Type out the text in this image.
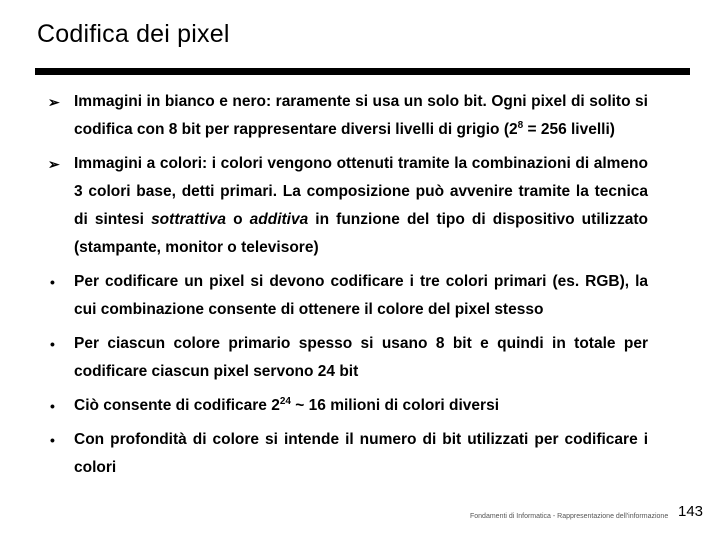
Codifica dei pixel
➢ Immagini in bianco e nero: raramente si usa un solo bit. Ogni pixel di solito si codifica con 8 bit per rappresentare diversi livelli di grigio ($2^8 = 256$ livelli)
➢ Immagini a colori: i colori vengono ottenuti tramite la combinazioni di almeno 3 colori base, detti primari. La composizione può avvenire tramite la tecnica di sintesi sottrattiva o additiva in funzione del tipo di dispositivo utilizzato (stampante, monitor o televisore)
•	Per codificare un pixel si devono codificare i tre colori primari (es. RGB), la cui combinazione consente di ottenere il colore del pixel stesso
•	Per ciascun colore primario spesso si usano 8 bit e quindi in totale per codificare ciascun pixel servono 24 bit
•	Ciò consente di codificare $2^{24}$ ~ 16 milioni di colori diversi
•	Con profondità di colore si intende il numero di bit utilizzati per codificare i colori
Fondamenti di Informatica - Rappresentazione dell'informazione 143
